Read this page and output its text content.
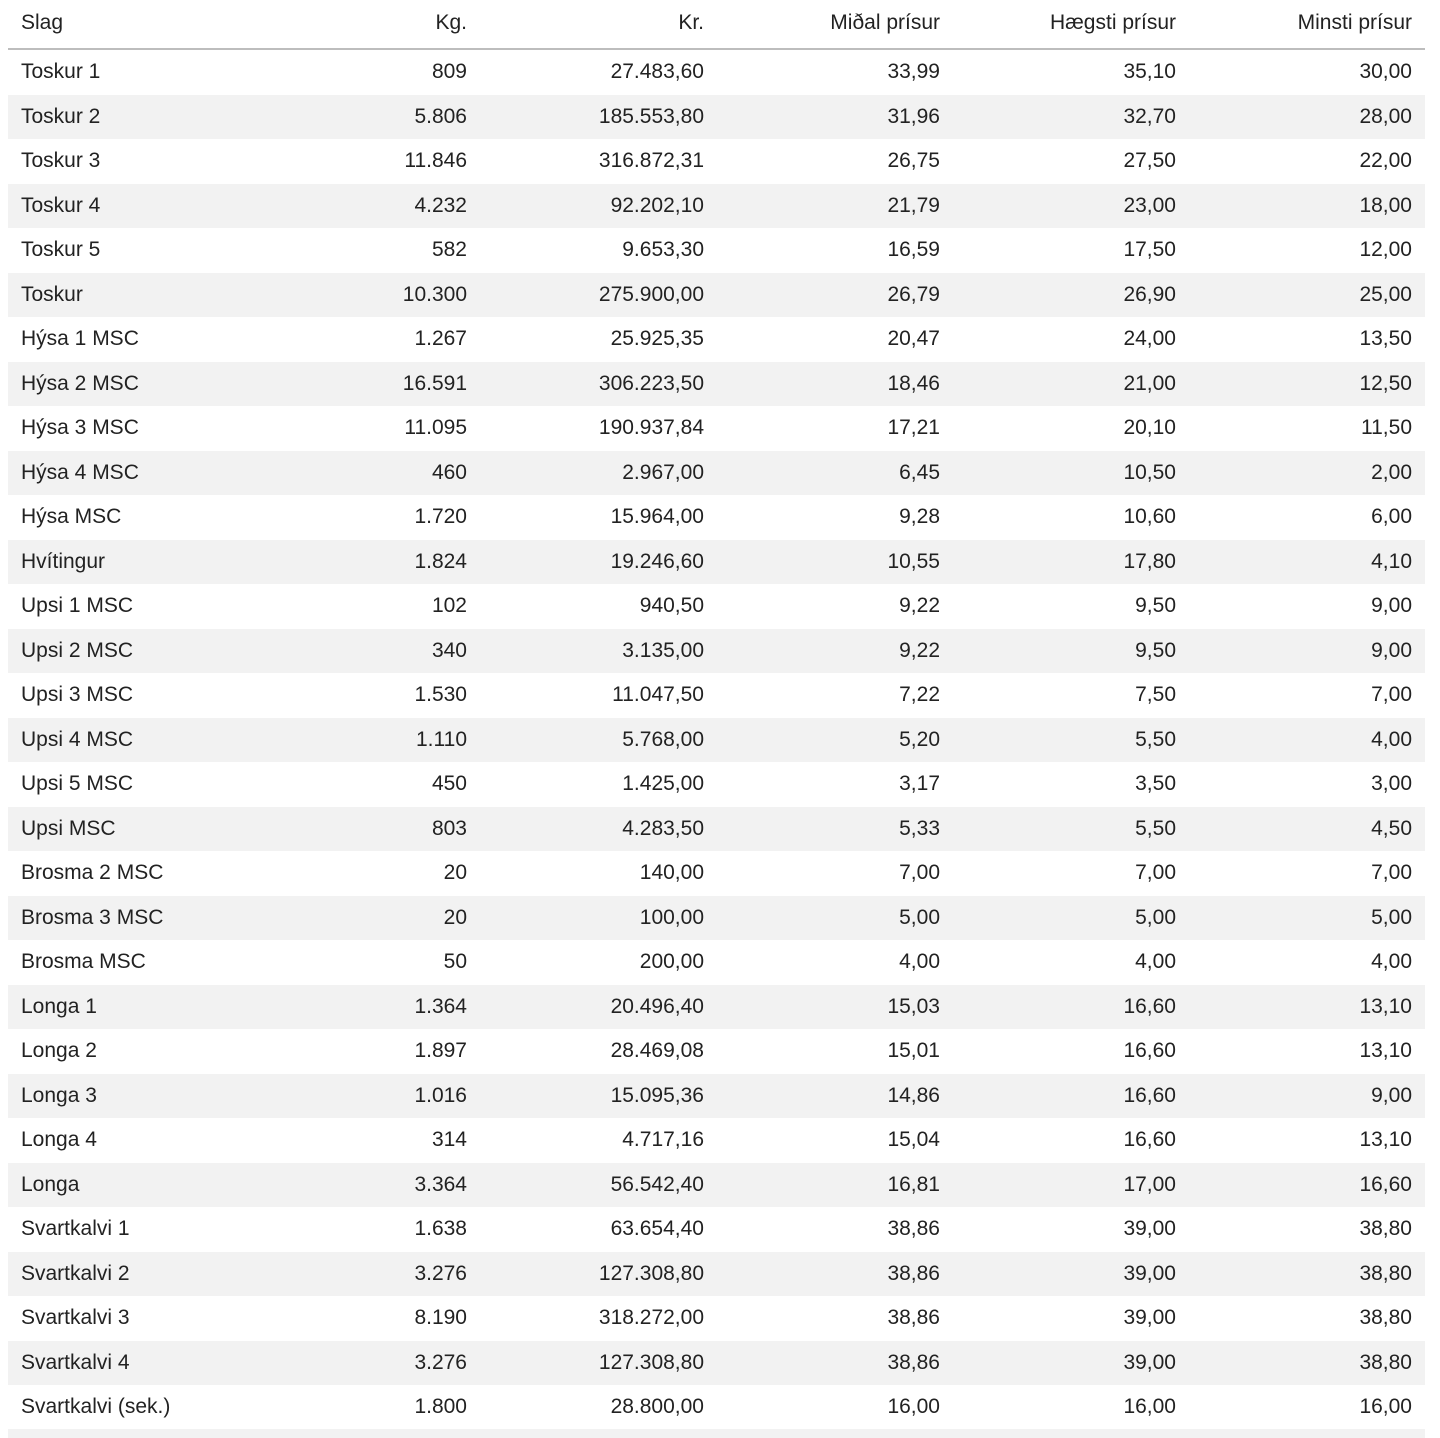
Slag	Kg.	Kr.	Miðal prísur	Hægsti prísur	Minsti prísur
Toskur 1	809	27.483,60	33,99	35,10	30,00
Toskur 2	5.806	185.553,80	31,96	32,70	28,00
Toskur 3	11.846	316.872,31	26,75	27,50	22,00
Toskur 4	4.232	92.202,10	21,79	23,00	18,00
Toskur 5	582	9.653,30	16,59	17,50	12,00
Toskur	10.300	275.900,00	26,79	26,90	25,00
Hýsa 1 MSC	1.267	25.925,35	20,47	24,00	13,50
Hýsa 2 MSC	16.591	306.223,50	18,46	21,00	12,50
Hýsa 3 MSC	11.095	190.937,84	17,21	20,10	11,50
Hýsa 4 MSC	460	2.967,00	6,45	10,50	2,00
Hýsa MSC	1.720	15.964,00	9,28	10,60	6,00
Hvítingur	1.824	19.246,60	10,55	17,80	4,10
Upsi 1 MSC	102	940,50	9,22	9,50	9,00
Upsi 2 MSC	340	3.135,00	9,22	9,50	9,00
Upsi 3 MSC	1.530	11.047,50	7,22	7,50	7,00
Upsi 4 MSC	1.110	5.768,00	5,20	5,50	4,00
Upsi 5 MSC	450	1.425,00	3,17	3,50	3,00
Upsi MSC	803	4.283,50	5,33	5,50	4,50
Brosma 2 MSC	20	140,00	7,00	7,00	7,00
Brosma 3 MSC	20	100,00	5,00	5,00	5,00
Brosma MSC	50	200,00	4,00	4,00	4,00
Longa 1	1.364	20.496,40	15,03	16,60	13,10
Longa 2	1.897	28.469,08	15,01	16,60	13,10
Longa 3	1.016	15.095,36	14,86	16,60	9,00
Longa 4	314	4.717,16	15,04	16,60	13,10
Longa	3.364	56.542,40	16,81	17,00	16,60
Svartkalvi 1	1.638	63.654,40	38,86	39,00	38,80
Svartkalvi 2	3.276	127.308,80	38,86	39,00	38,80
Svartkalvi 3	8.190	318.272,00	38,86	39,00	38,80
Svartkalvi 4	3.276	127.308,80	38,86	39,00	38,80
Svartkalvi (sek.)	1.800	28.800,00	16,00	16,00	16,00
